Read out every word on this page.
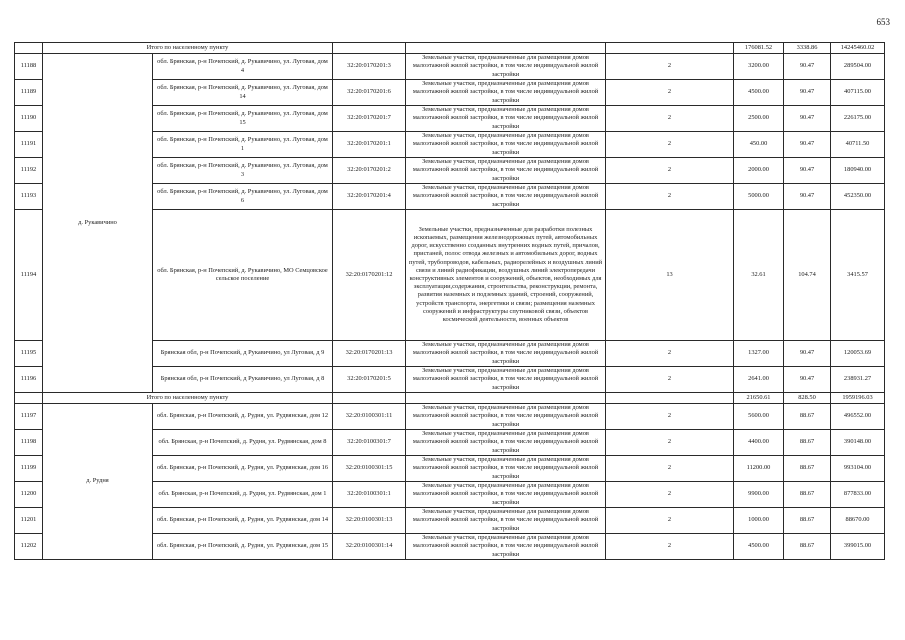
653
	Итого по населенному пункту					176081.52	3338.86	14245460.02
11188	д. Рукавичино	обл. Брянская, р-н Почепский, д. Рукавичино, ул. Луговая, дом 4	32:20:0170201:3	Земельные участки, предназначенные для размещения домов малоэтажной жилой застройки, в том числе индивидуальной жилой застройки	2	3200.00	90.47	289504.00
11189		обл. Брянская, р-н Почепский, д. Рукавичино, ул. Луговая, дом 14	32:20:0170201:6	Земельные участки, предназначенные для размещения домов малоэтажной жилой застройки, в том числе индивидуальной жилой застройки	2	4500.00	90.47	407115.00
11190		обл. Брянская, р-н Почепский, д. Рукавичино, ул. Луговая, дом 15	32:20:0170201:7	Земельные участки, предназначенные для размещения домов малоэтажной жилой застройки, в том числе индивидуальной жилой застройки	2	2500.00	90.47	226175.00
11191		обл. Брянская, р-н Почепский, д. Рукавичино, ул. Луговая, дом 1	32:20:0170201:1	Земельные участки, предназначенные для размещения домов малоэтажной жилой застройки, в том числе индивидуальной жилой застройки	2	450.00	90.47	40711.50
11192		обл. Брянская, р-н Почепский, д. Рукавичино, ул. Луговая, дом 3	32:20:0170201:2	Земельные участки, предназначенные для размещения домов малоэтажной жилой застройки, в том числе индивидуальной жилой застройки	2	2000.00	90.47	180940.00
11193		обл. Брянская, р-н Почепский, д. Рукавичино, ул. Луговая, дом 6	32:20:0170201:4	Земельные участки, предназначенные для размещения домов малоэтажной жилой застройки, в том числе индивидуальной жилой застройки	2	5000.00	90.47	452350.00
11194		обл. Брянская, р-н Почепский, д. Рукавичино, МО Семцовское сельское поселение	32:20:0170201:12	Земельные участки, предназначенные для разработки полезных ископаемых, размещения железнодорожных путей, автомобильных дорог, искусственно созданных внутренних водных путей, причалов, пристаней, полос отвода железных и автомобильных дорог, водных путей, трубопроводов, кабельных, радиорелейных и воздушных линий связи и линий радиофикации, воздушных линий электропередачи конструктивных элементов и сооружений, объектов, необходимых для эксплуатации,содержания, строительства, реконструкции, ремонта, развития наземных и подземных зданий, строений, сооружений, устройств транспорта, энергетики и связи; размещения наземных сооружений и инфраструктуры спутниковой связи, объектов космической деятельности, военных объектов	13	32.61	104.74	3415.57
11195		Брянская обл, р-н Почепский, д Рукавичино, ул Луговая, д 9	32:20:0170201:13	Земельные участки, предназначенные для размещения домов малоэтажной жилой застройки, в том числе индивидуальной жилой застройки	2	1327.00	90.47	120053.69
11196		Брянская обл, р-н Почепский, д Рукавичино, ул Луговая, д 8	32:20:0170201:5	Земельные участки, предназначенные для размещения домов малоэтажной жилой застройки, в том числе индивидуальной жилой застройки	2	2641.00	90.47	238931.27
	Итого по населенному пункту					21650.61	828.50	1959196.03
11197	д. Рудня	обл. Брянская, р-н Почепский, д. Рудня, ул. Рудвянская, дом 12	32:20:0100301:11	Земельные участки, предназначенные для размещения домов малоэтажной жилой застройки, в том числе индивидуальной жилой застройки	2	5600.00	88.67	496552.00
11198		обл. Брянская, р-н Почепский, д. Рудня, ул. Рудвянская, дом 8	32:20:0100301:7	Земельные участки, предназначенные для размещения домов малоэтажной жилой застройки, в том числе индивидуальной жилой застройки	2	4400.00	88.67	390148.00
11199		обл. Брянская, р-н Почепский, д. Рудня, ул. Рудвянская, дом 16	32:20:0100301:15	Земельные участки, предназначенные для размещения домов малоэтажной жилой застройки, в том числе индивидуальной жилой застройки	2	11200.00	88.67	993104.00
11200		обл. Брянская, р-н Почепский, д. Рудня, ул. Рудвянская, дом 1	32:20:0100301:1	Земельные участки, предназначенные для размещения домов малоэтажной жилой застройки, в том числе индивидуальной жилой застройки	2	9900.00	88.67	877833.00
11201		обл. Брянская, р-н Почепский, д. Рудня, ул. Рудвянская, дом 14	32:20:0100301:13	Земельные участки, предназначенные для размещения домов малоэтажной жилой застройки, в том числе индивидуальной жилой застройки	2	1000.00	88.67	88670.00
11202		обл. Брянская, р-н Почепский, д. Рудня, ул. Рудвянская, дом 15	32:20:0100301:14	Земельные участки, предназначенные для размещения домов малоэтажной жилой застройки, в том числе индивидуальной жилой застройки	2	4500.00	88.67	399015.00
